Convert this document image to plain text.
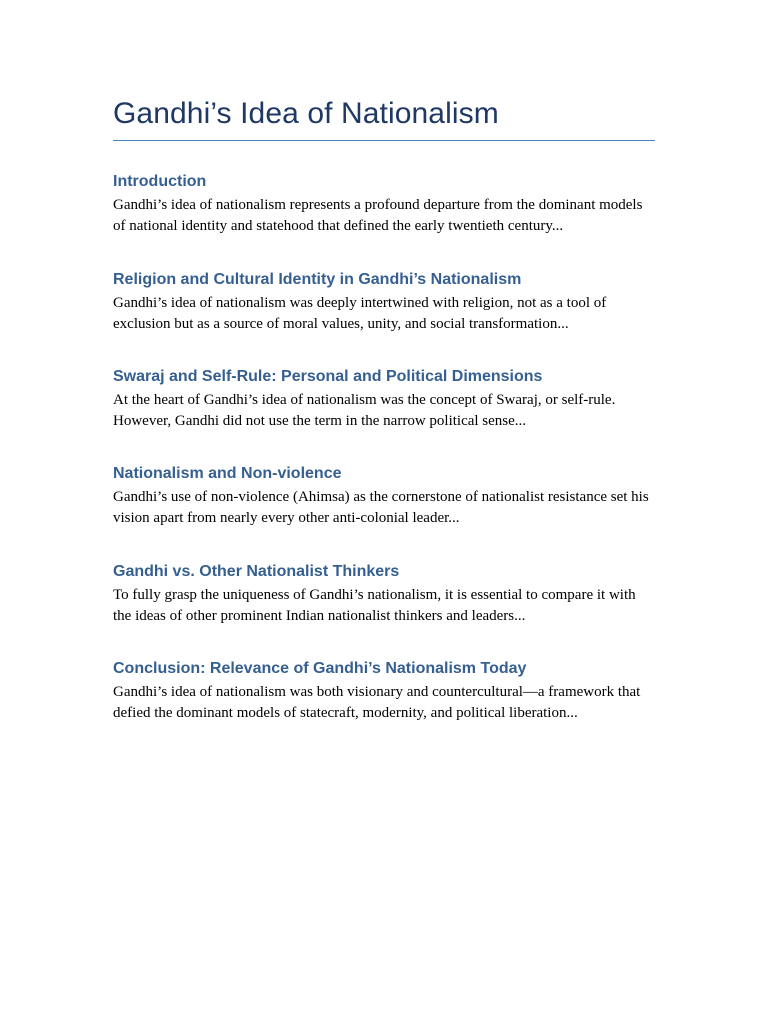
Gandhi’s Idea of Nationalism
Introduction

Gandhi’s idea of nationalism represents a profound departure from the dominant models of national identity and statehood that defined the early twentieth century...

Religion and Cultural Identity in Gandhi’s Nationalism

Gandhi’s idea of nationalism was deeply intertwined with religion, not as a tool of exclusion but as a source of moral values, unity, and social transformation...

Swaraj and Self-Rule: Personal and Political Dimensions

At the heart of Gandhi’s idea of nationalism was the concept of Swaraj, or self-rule. However, Gandhi did not use the term in the narrow political sense...

Nationalism and Non-violence

Gandhi’s use of non-violence (Ahimsa) as the cornerstone of nationalist resistance set his vision apart from nearly every other anti-colonial leader...

Gandhi vs. Other Nationalist Thinkers

To fully grasp the uniqueness of Gandhi’s nationalism, it is essential to compare it with the ideas of other prominent Indian nationalist thinkers and leaders...

Conclusion: Relevance of Gandhi’s Nationalism Today

Gandhi’s idea of nationalism was both visionary and countercultural—a framework that defied the dominant models of statecraft, modernity, and political liberation...
